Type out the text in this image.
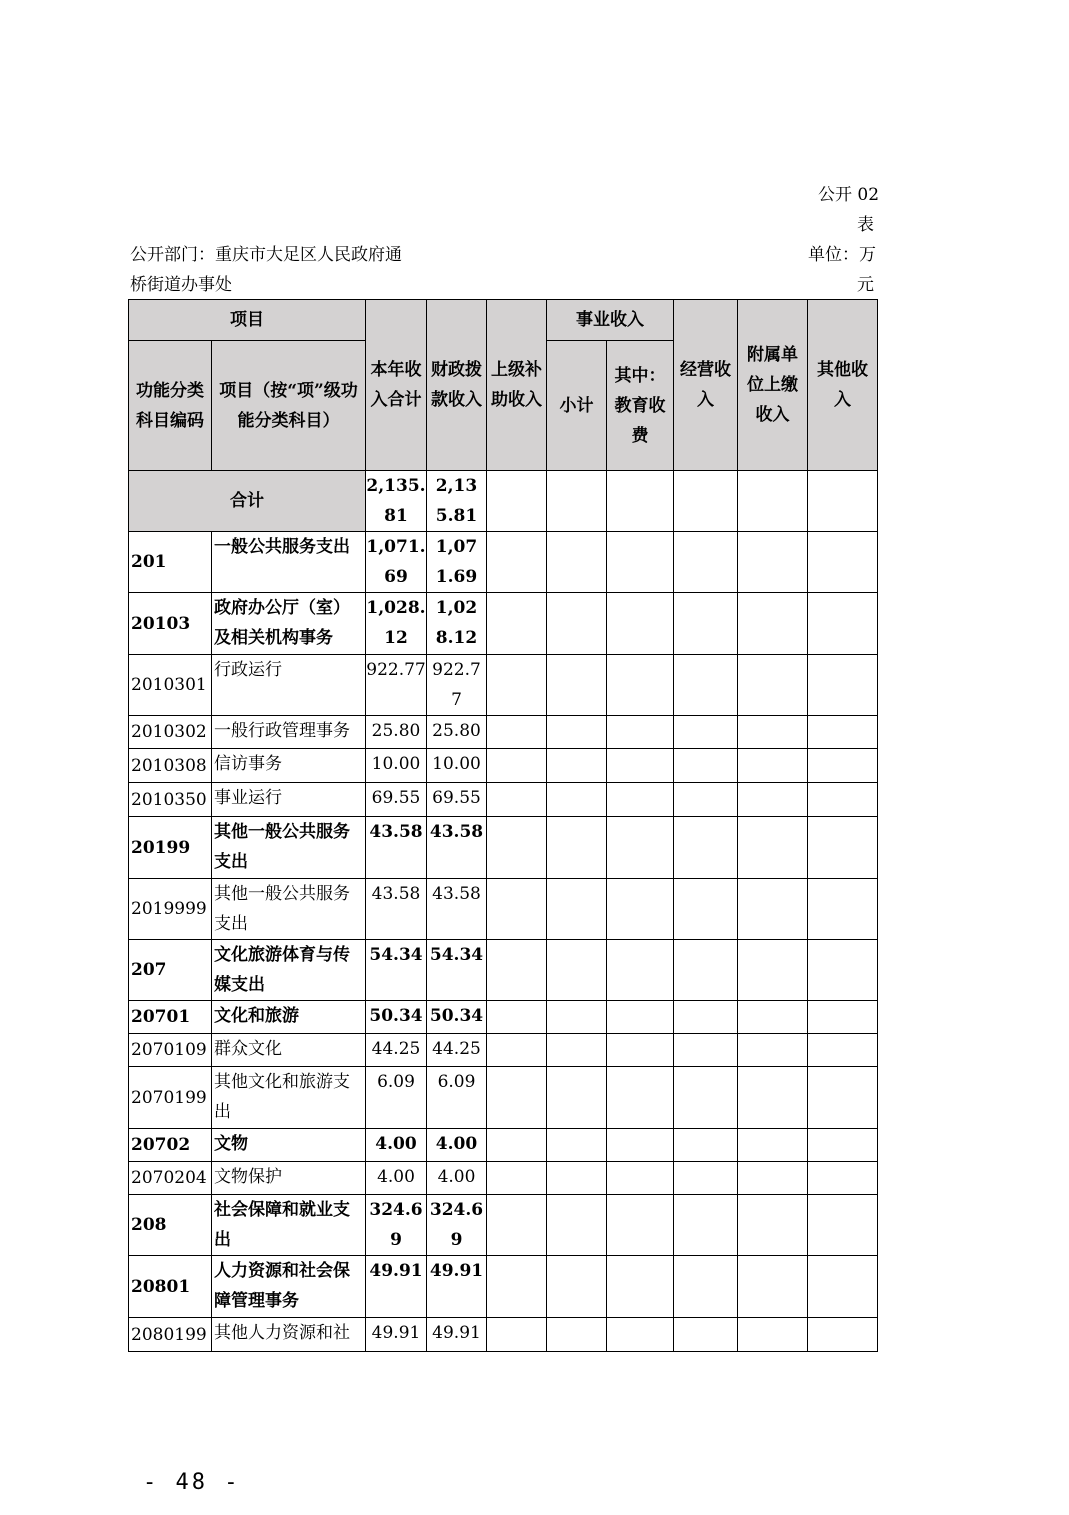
公开 02
表
公开部门：重庆市大足区人民政府通
桥街道办事处
单位：万
元
项目		本年收入合计	财政拨款收入	上级补助收入	事业收入		经营收入	附属单位上缴收入	其他收入
功能分类科目编码	项目（按“项”级功能分类科目）				小计	其中：教育收费			
合计		2,135.81	2,135.81						
201	一般公共服务支出	1,071.69	1,071.69						
20103	政府办公厅（室）及相关机构事务	1,028.12	1,028.12						
2010301	行政运行	922.77	922.77						
2010302	一般行政管理事务	25.80	25.80						
2010308	信访事务	10.00	10.00						
2010350	事业运行	69.55	69.55						
20199	其他一般公共服务支出	43.58	43.58						
2019999	其他一般公共服务支出	43.58	43.58						
207	文化旅游体育与传媒支出	54.34	54.34						
20701	文化和旅游	50.34	50.34						
2070109	群众文化	44.25	44.25						
2070199	其他文化和旅游支出	6.09	6.09						
20702	文物	4.00	4.00						
2070204	文物保护	4.00	4.00						
208	社会保障和就业支出	324.69	324.69						
20801	人力资源和社会保障管理事务	49.91	49.91						
2080199	其他人力资源和社	49.91	49.91						
- 48 -
